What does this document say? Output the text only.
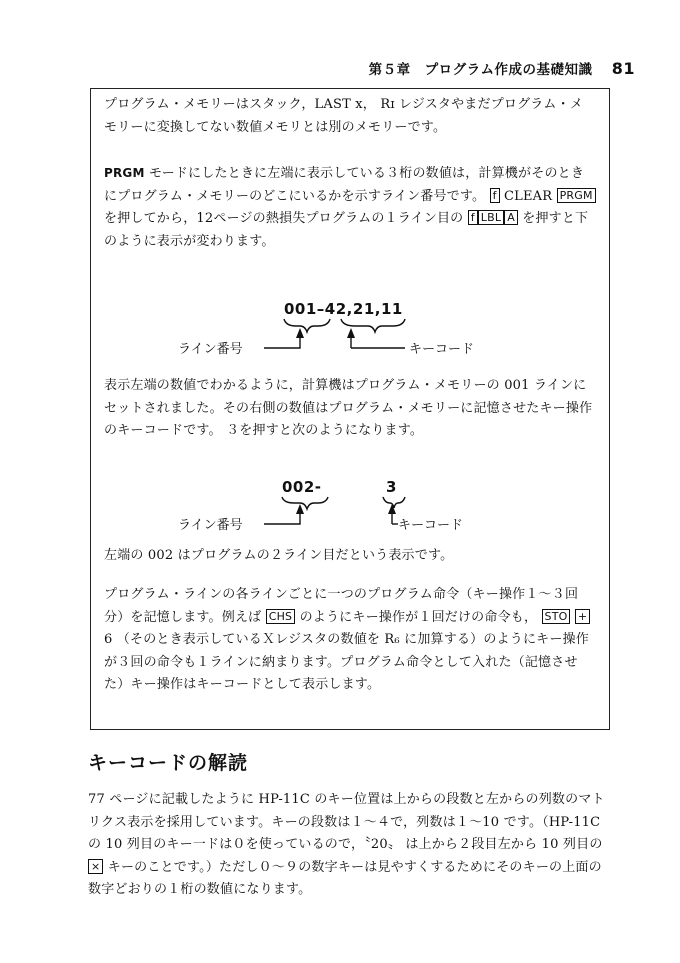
第５章　プログラム作成の基礎知識 81
プログラム・メモリーはスタック，LAST x， Rɪ レジスタやまだプログラム・メモリーに変換してない数値メモリとは別のメモリーです。
PRGM モードにしたときに左端に表示している３桁の数値は，計算機がそのときにプログラム・メモリーのどこにいるかを示すライン番号です。 f CLEAR PRGM を押してから，12ページの熱損失プログラムの１ライン目の f LBL A を押すと下のように表示が変わります。
001–42,21,11
ライン番号	キーコード
002-	3
ライン番号	キーコード
表示左端の数値でわかるように，計算機はプログラム・メモリーの 001 ラインにセットされました。その右側の数値はプログラム・メモリーに記憶させたキー操作のキーコードです。 ３を押すと次のようになります。
左端の 002 はプログラムの２ライン目だという表示です。
プログラム・ラインの各ラインごとに一つのプログラム命令（キー操作１～３回分）を記憶します。例えば CHS のようにキー操作が１回だけの命令も， STO + 6 （そのとき表示しているＸレジスタの数値を R₆ に加算する）のようにキー操作が３回の命令も１ラインに納まります。プログラム命令として入れた（記憶させた）キー操作はキーコードとして表示します。
キーコードの解読
77 ページに記載したように HP-11C のキー位置は上からの段数と左からの列数のマトリクス表示を採用しています。キーの段数は１～４で，列数は１～10 です。（HP-11C の 10 列目のキー一ドは０を使っているので，〝20〟 は上から２段目左から 10 列目の × キーのことです。）ただし０～９の数字キーは見やすくするためにそのキーの上面の数字どおりの１桁の数値になります。
